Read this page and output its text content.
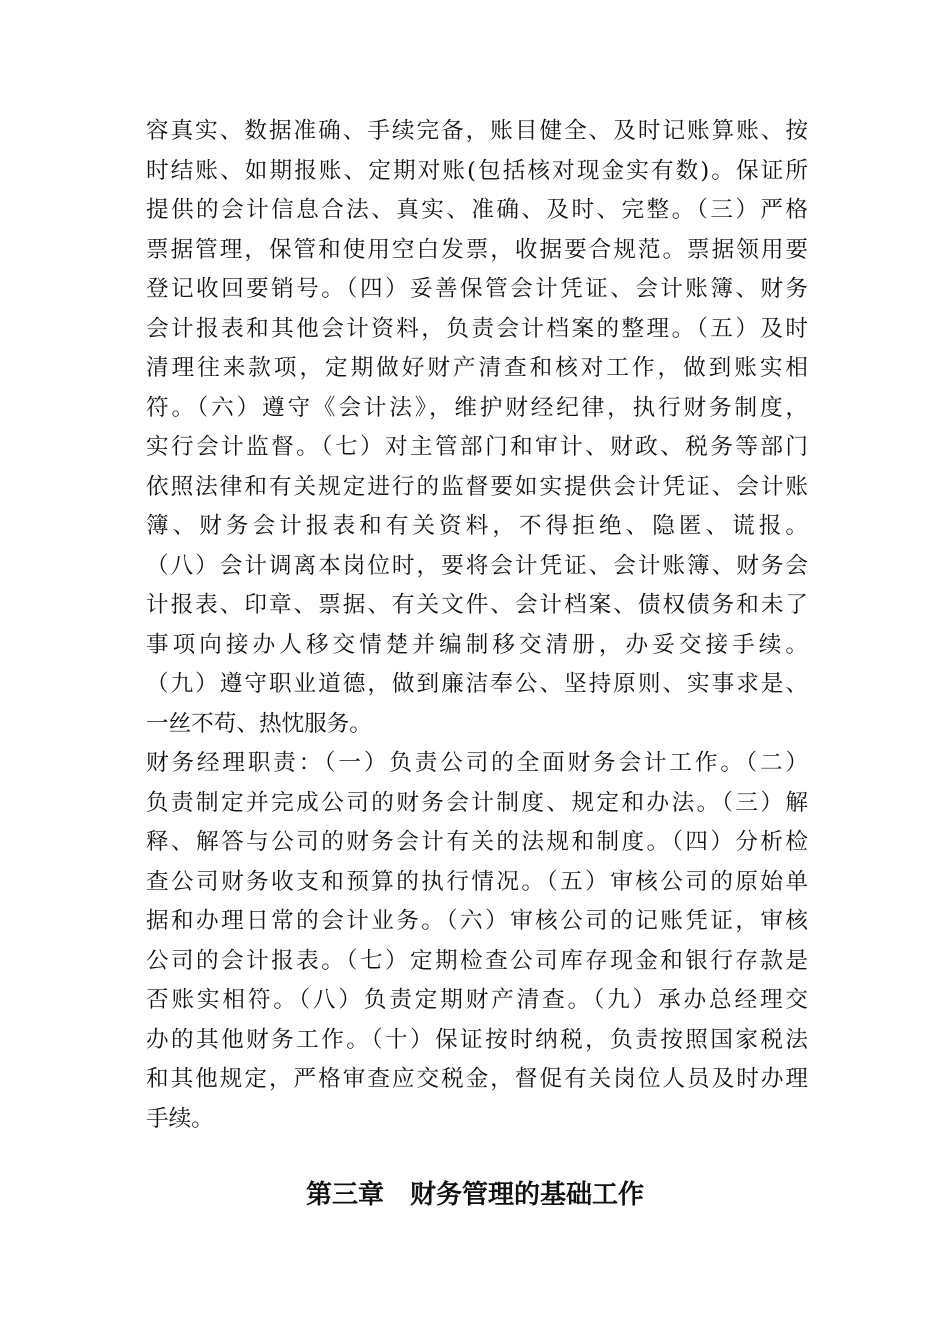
容真实、数据准确、手续完备，账目健全、及时记账算账、按
时结账、如期报账、定期对账(包括核对现金实有数)。保证所
提供的会计信息合法、真实、准确、及时、完整。（三）严格
票据管理，保管和使用空白发票，收据要合规范。票据领用要
登记收回要销号。（四）妥善保管会计凭证、会计账簿、财务
会计报表和其他会计资料，负责会计档案的整理。（五）及时
清理往来款项，定期做好财产清查和核对工作，做到账实相
符。（六）遵守《会计法》，维护财经纪律，执行财务制度，
实行会计监督。（七）对主管部门和审计、财政、税务等部门
依照法律和有关规定进行的监督要如实提供会计凭证、会计账
簿、财务会计报表和有关资料，不得拒绝、隐匿、谎报。
（八）会计调离本岗位时，要将会计凭证、会计账簿、财务会
计报表、印章、票据、有关文件、会计档案、债权债务和未了
事项向接办人移交情楚并编制移交清册，办妥交接手续。
（九）遵守职业道德，做到廉洁奉公、坚持原则、实事求是、
一丝不苟、热忱服务。
财务经理职责：（一）负责公司的全面财务会计工作。（二）
负责制定并完成公司的财务会计制度、规定和办法。（三）解
释、解答与公司的财务会计有关的法规和制度。（四）分析检
查公司财务收支和预算的执行情况。（五）审核公司的原始单
据和办理日常的会计业务。（六）审核公司的记账凭证，审核
公司的会计报表。（七）定期检查公司库存现金和银行存款是
否账实相符。（八）负责定期财产清查。（九）承办总经理交
办的其他财务工作。（十）保证按时纳税，负责按照国家税法
和其他规定，严格审查应交税金，督促有关岗位人员及时办理
手续。
第三章　财务管理的基础工作
